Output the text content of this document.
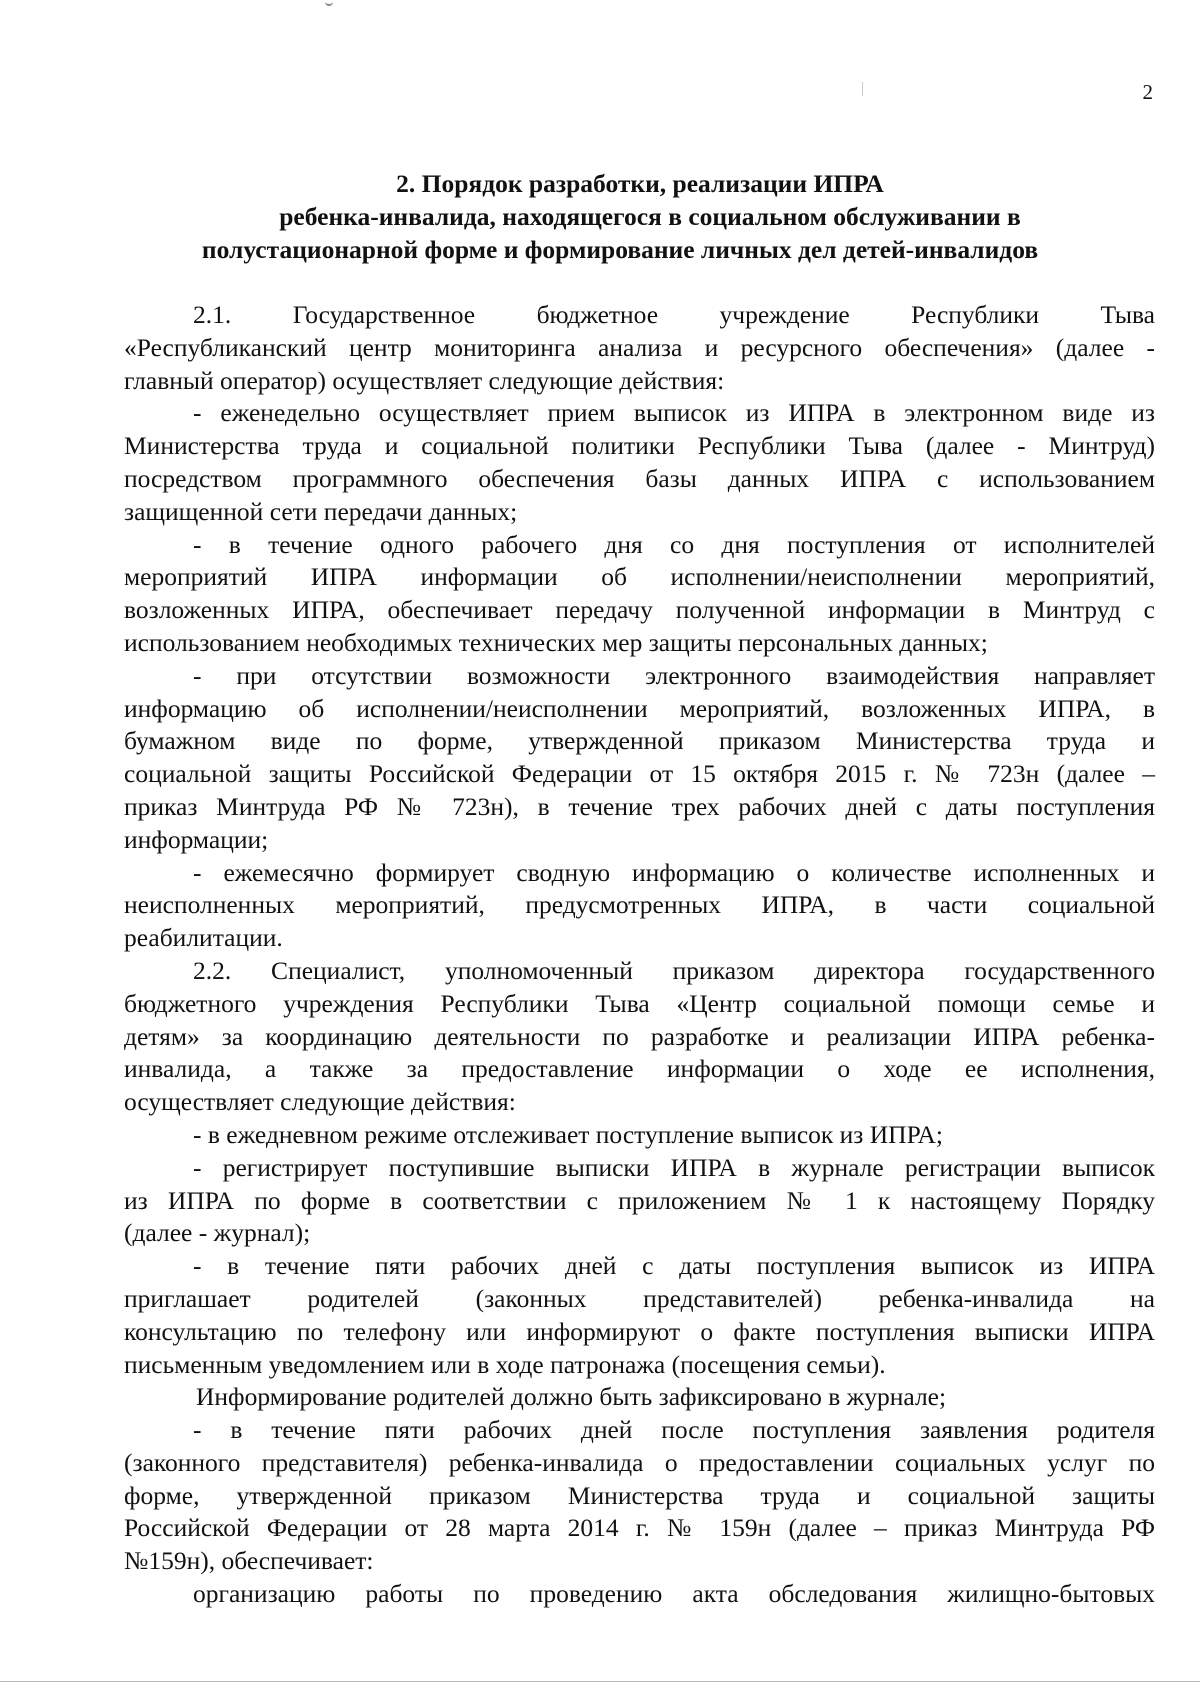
2
2. Порядок разработки, реализации ИПРА
ребенка-инвалида, находящегося в социальном обслуживании в
полустационарной форме и формирование личных дел детей-инвалидов
2.1. Государственное бюджетное учреждение Республики Тыва
«Республиканский центр мониторинга анализа и ресурсного обеспечения» (далее -
главный оператор) осуществляет следующие действия:
- еженедельно осуществляет прием выписок из ИПРА в электронном виде из
Министерства труда и социальной политики Республики Тыва (далее - Минтруд)
посредством программного обеспечения базы данных ИПРА с использованием
защищенной сети передачи данных;
- в течение одного рабочего дня со дня поступления от исполнителей
мероприятий ИПРА информации об исполнении/неисполнении мероприятий,
возложенных ИПРА, обеспечивает передачу полученной информации в Минтруд с
использованием необходимых технических мер защиты персональных данных;
- при отсутствии возможности электронного взаимодействия направляет
информацию об исполнении/неисполнении мероприятий, возложенных ИПРА, в
бумажном виде по форме, утвержденной приказом Министерства труда и
социальной защиты Российской Федерации от 15 октября 2015 г. № 723н (далее –
приказ Минтруда РФ № 723н), в течение трех рабочих дней с даты поступления
информации;
- ежемесячно формирует сводную информацию о количестве исполненных и
неисполненных мероприятий, предусмотренных ИПРА, в части социальной
реабилитации.
2.2. Специалист, уполномоченный приказом директора государственного
бюджетного учреждения Республики Тыва «Центр социальной помощи семье и
детям» за координацию деятельности по разработке и реализации ИПРА ребенка-
инвалида, а также за предоставление информации о ходе ее исполнения,
осуществляет следующие действия:
- в ежедневном режиме отслеживает поступление выписок из ИПРА;
- регистрирует поступившие выписки ИПРА в журнале регистрации выписок
из ИПРА по форме в соответствии с приложением № 1 к настоящему Порядку
(далее - журнал);
- в течение пяти рабочих дней с даты поступления выписок из ИПРА
приглашает родителей (законных представителей) ребенка-инвалида на
консультацию по телефону или информируют о факте поступления выписки ИПРА
письменным уведомлением или в ходе патронажа (посещения семьи).
Информирование родителей должно быть зафиксировано в журнале;
- в течение пяти рабочих дней после поступления заявления родителя
(законного представителя) ребенка-инвалида о предоставлении социальных услуг по
форме, утвержденной приказом Министерства труда и социальной защиты
Российской Федерации от 28 марта 2014 г. № 159н (далее – приказ Минтруда РФ
№159н), обеспечивает:
организацию работы по проведению акта обследования жилищно-бытовых
